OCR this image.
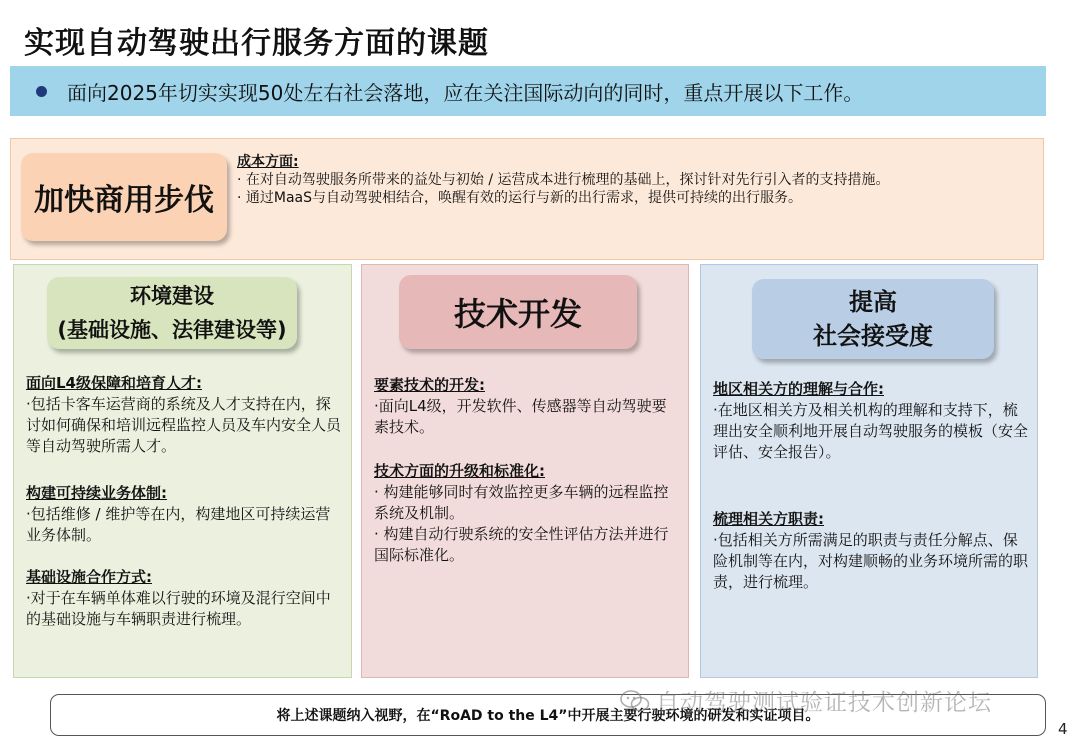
实现自动驾驶出行服务方面的课题
面向2025年切实实现50处左右社会落地，应在关注国际动向的同时，重点开展以下工作。
加快商用步伐
成本方面:
· 在对自动驾驶服务所带来的益处与初始 / 运营成本进行梳理的基础上，探讨针对先行引入者的支持措施。
· 通过MaaS与自动驾驶相结合，唤醒有效的运行与新的出行需求，提供可持续的出行服务。
环境建设
(基础设施、法律建设等)
面向L4级保障和培育人才:
·包括卡客车运营商的系统及人才支持在内，探讨如何确保和培训远程监控人员及车内安全人员等自动驾驶所需人才。
构建可持续业务体制:
·包括维修 / 维护等在内，构建地区可持续运营业务体制。
基础设施合作方式:
·对于在车辆单体难以行驶的环境及混行空间中的基础设施与车辆职责进行梳理。
技术开发
要素技术的开发:
·面向L4级，开发软件、传感器等自动驾驶要素技术。
技术方面的升级和标准化:
· 构建能够同时有效监控更多车辆的远程监控系统及机制。
· 构建自动行驶系统的安全性评估方法并进行国际标准化。
提高
社会接受度
地区相关方的理解与合作:
·在地区相关方及相关机构的理解和支持下，梳理出安全顺利地开展自动驾驶服务的模板（安全评估、安全报告）。
梳理相关方职责:
·包括相关方所需满足的职责与责任分解点、保险机制等在内，对构建顺畅的业务环境所需的职责，进行梳理。
将上述课题纳入视野，在“RoAD to the L4”中开展主要行驶环境的研发和实证项目。
自动驾驶测试验证技术创新论坛
4
